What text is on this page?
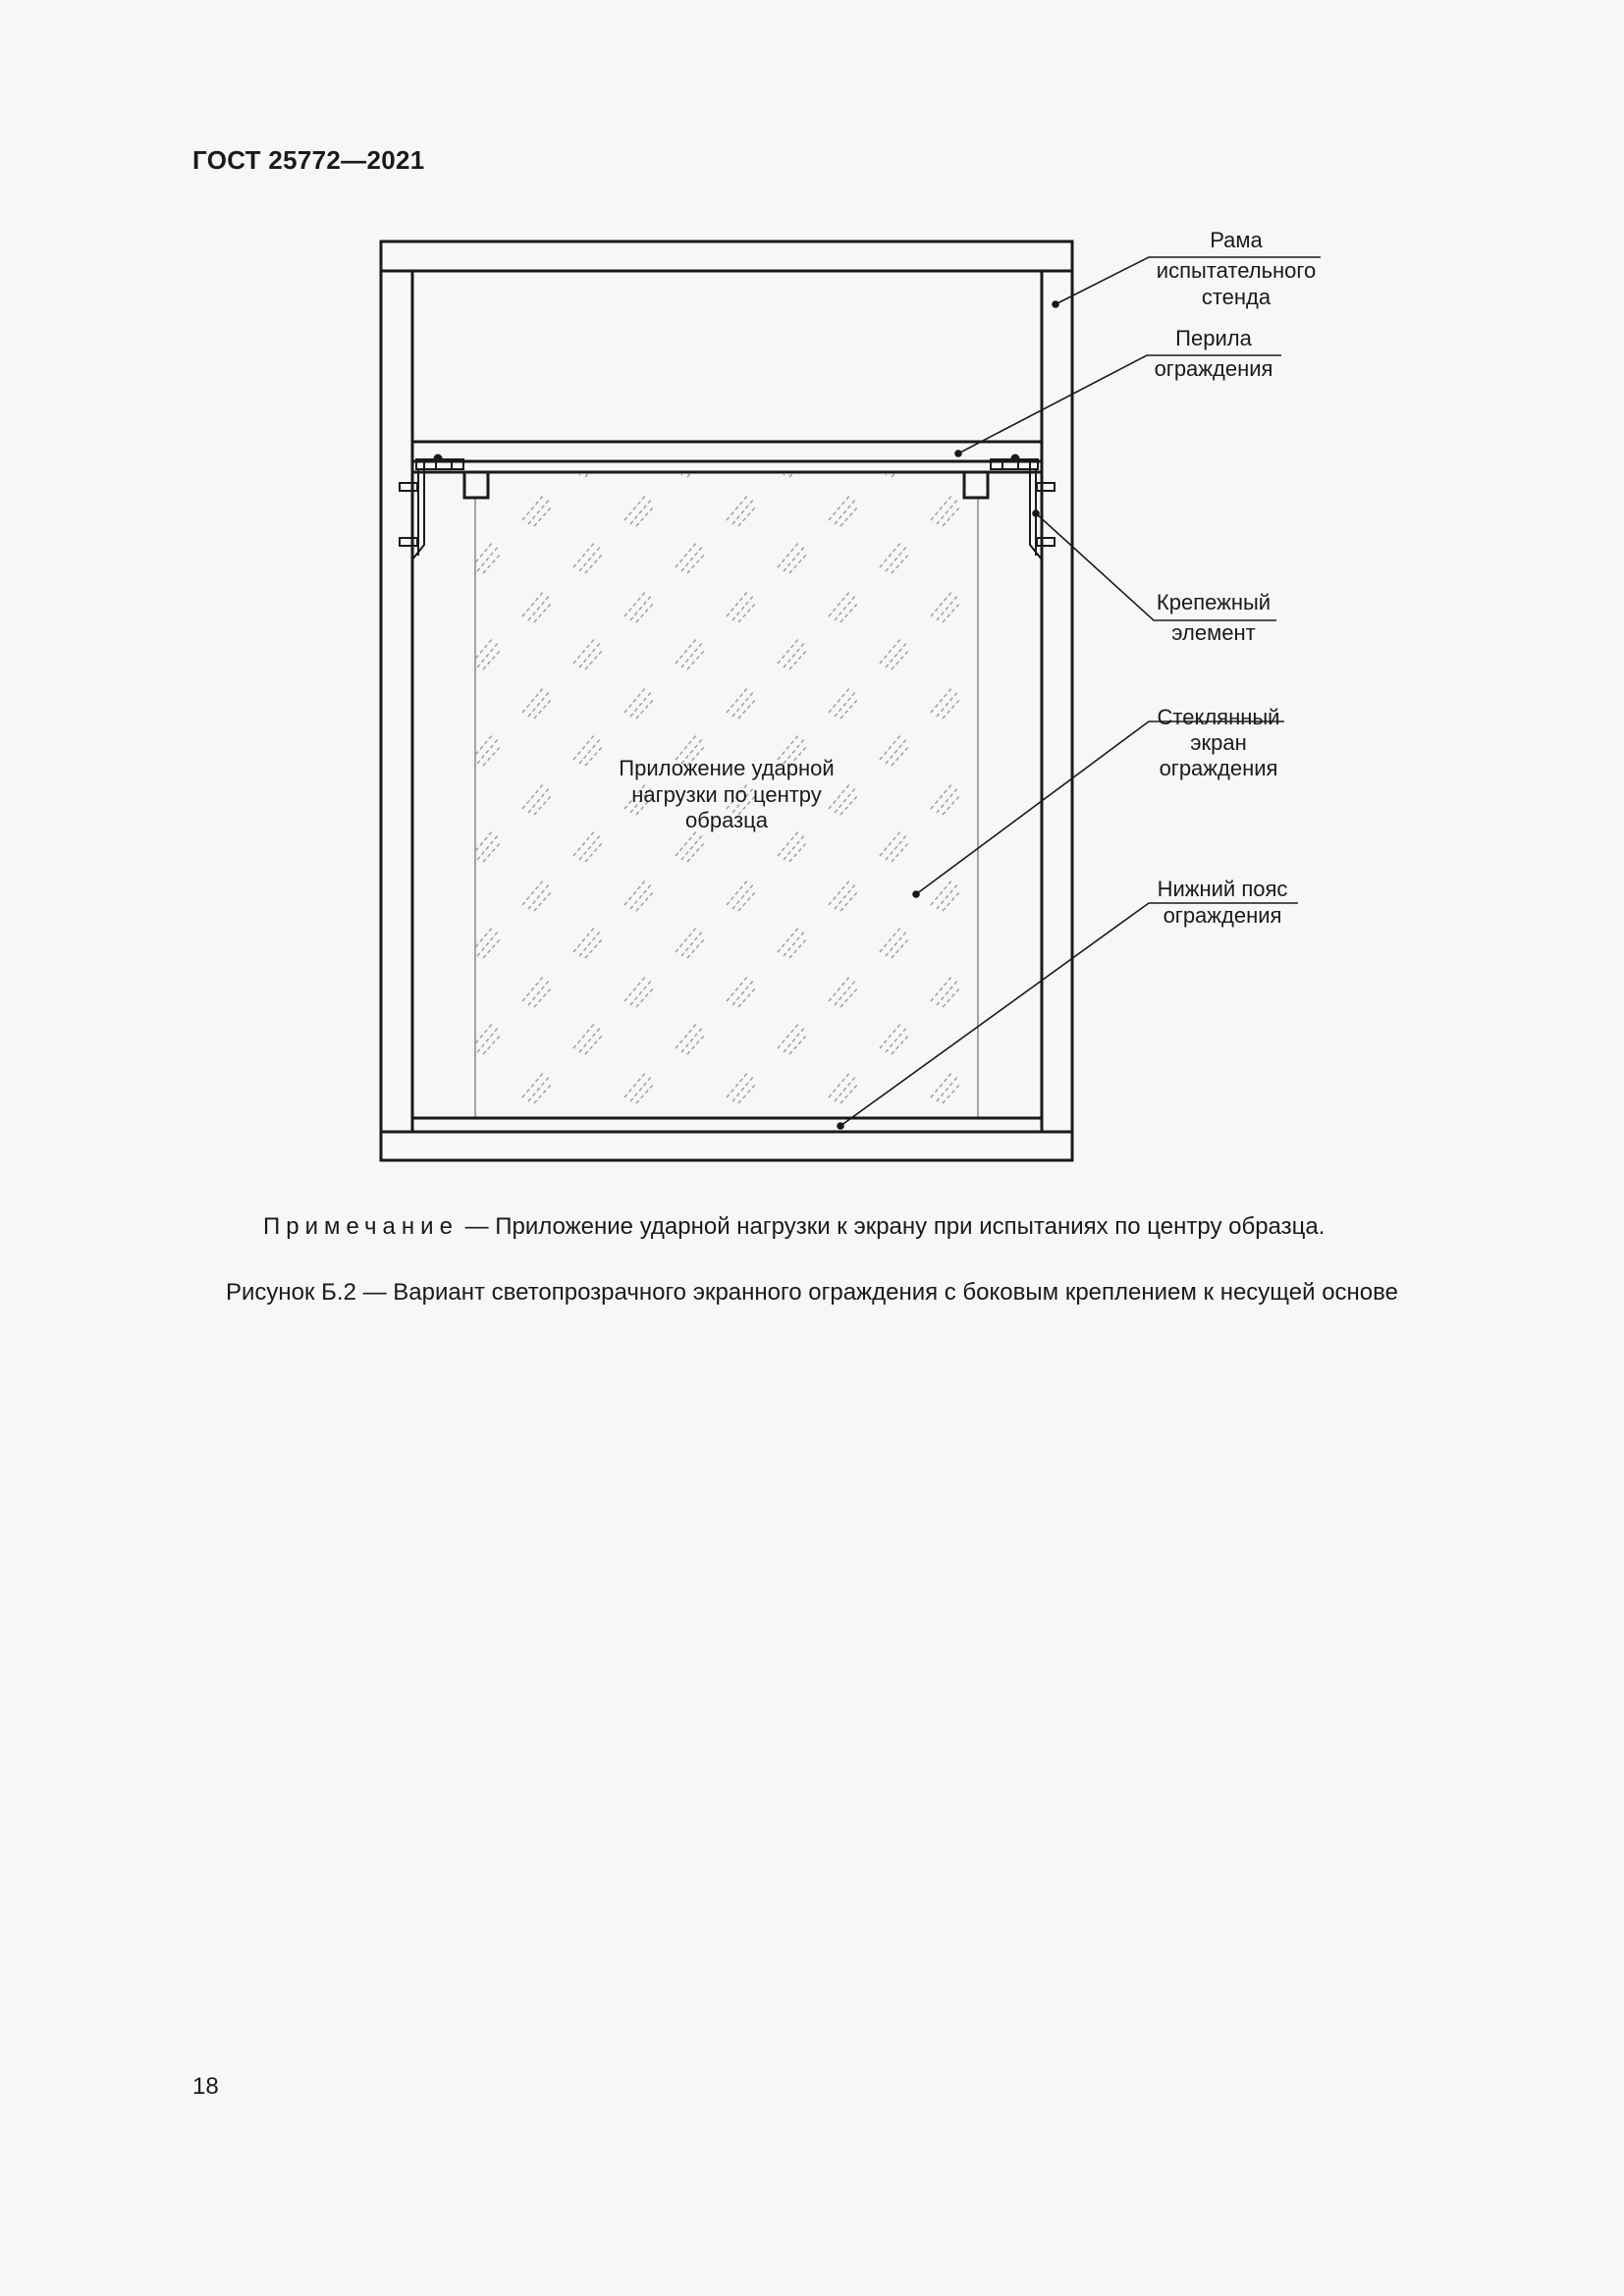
ГОСТ 25772—2021
Рама
испытательного
стенда
Перила
ограждения
Крепежный
элемент
Стеклянный
экран
ограждения
Нижний пояс
ограждения
Приложение ударной
нагрузки по центру
образца
Примечание — Приложение ударной нагрузки к экрану при испытаниях по центру образца.
Рисунок Б.2 — Вариант светопрозрачного экранного ограждения с боковым креплением к несущей основе
18
